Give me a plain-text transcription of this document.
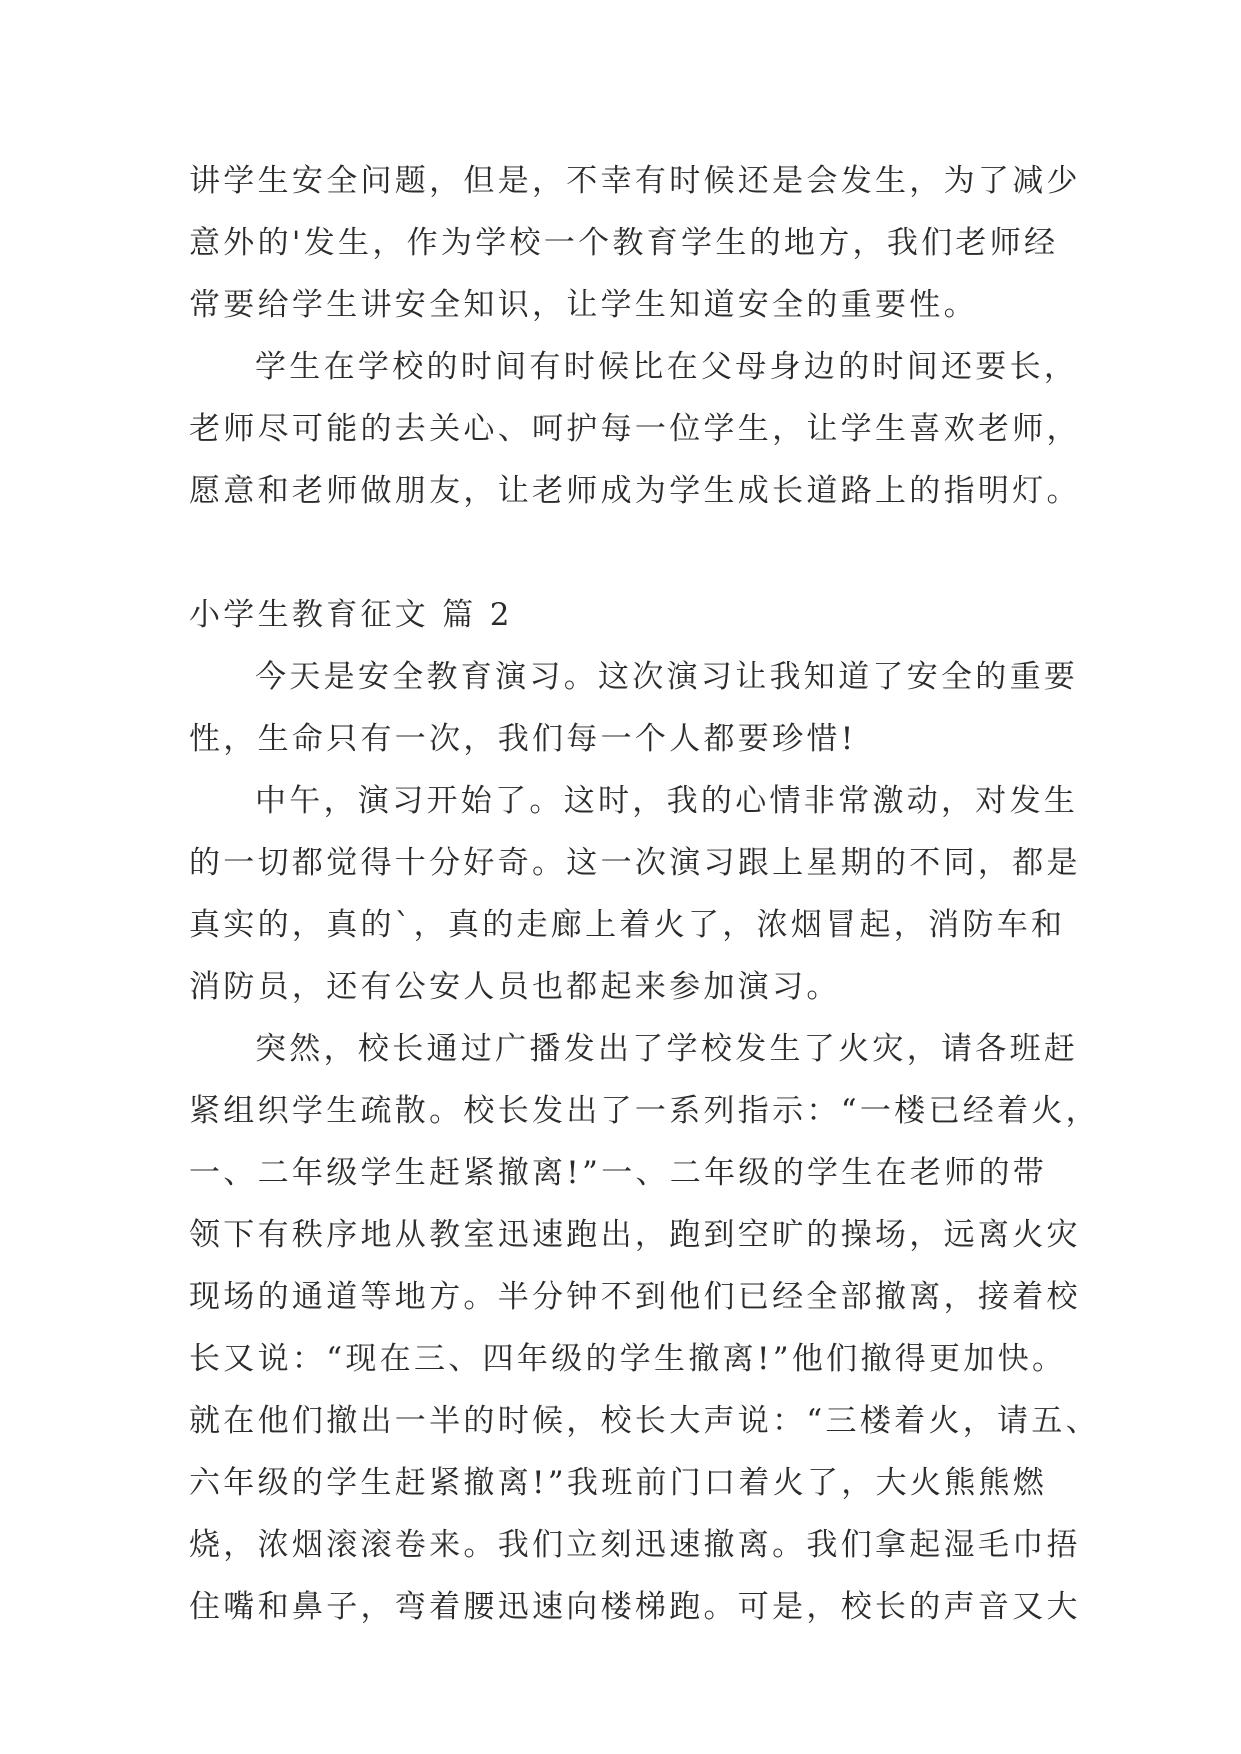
讲学生安全问题，但是，不幸有时候还是会发生，为了减少
意外的'发生，作为学校一个教育学生的地方，我们老师经
常要给学生讲安全知识，让学生知道安全的重要性。
学生在学校的时间有时候比在父母身边的时间还要长，
老师尽可能的去关心、呵护每一位学生，让学生喜欢老师，
愿意和老师做朋友，让老师成为学生成长道路上的指明灯。
小学生教育征文 篇 2
今天是安全教育演习。这次演习让我知道了安全的重要
性，生命只有一次，我们每一个人都要珍惜!
中午，演习开始了。这时，我的心情非常激动，对发生
的一切都觉得十分好奇。这一次演习跟上星期的不同，都是
真实的，真的`，真的走廊上着火了，浓烟冒起，消防车和
消防员，还有公安人员也都起来参加演习。
突然，校长通过广播发出了学校发生了火灾，请各班赶
紧组织学生疏散。校长发出了一系列指示：“一楼已经着火，
一、二年级学生赶紧撤离!”一、二年级的学生在老师的带
领下有秩序地从教室迅速跑出，跑到空旷的操场，远离火灾
现场的通道等地方。半分钟不到他们已经全部撤离，接着校
长又说：“现在三、四年级的学生撤离!”他们撤得更加快。
就在他们撤出一半的时候，校长大声说：“三楼着火，请五、
六年级的学生赶紧撤离!”我班前门口着火了，大火熊熊燃
烧，浓烟滚滚卷来。我们立刻迅速撤离。我们拿起湿毛巾捂
住嘴和鼻子，弯着腰迅速向楼梯跑。可是，校长的声音又大
